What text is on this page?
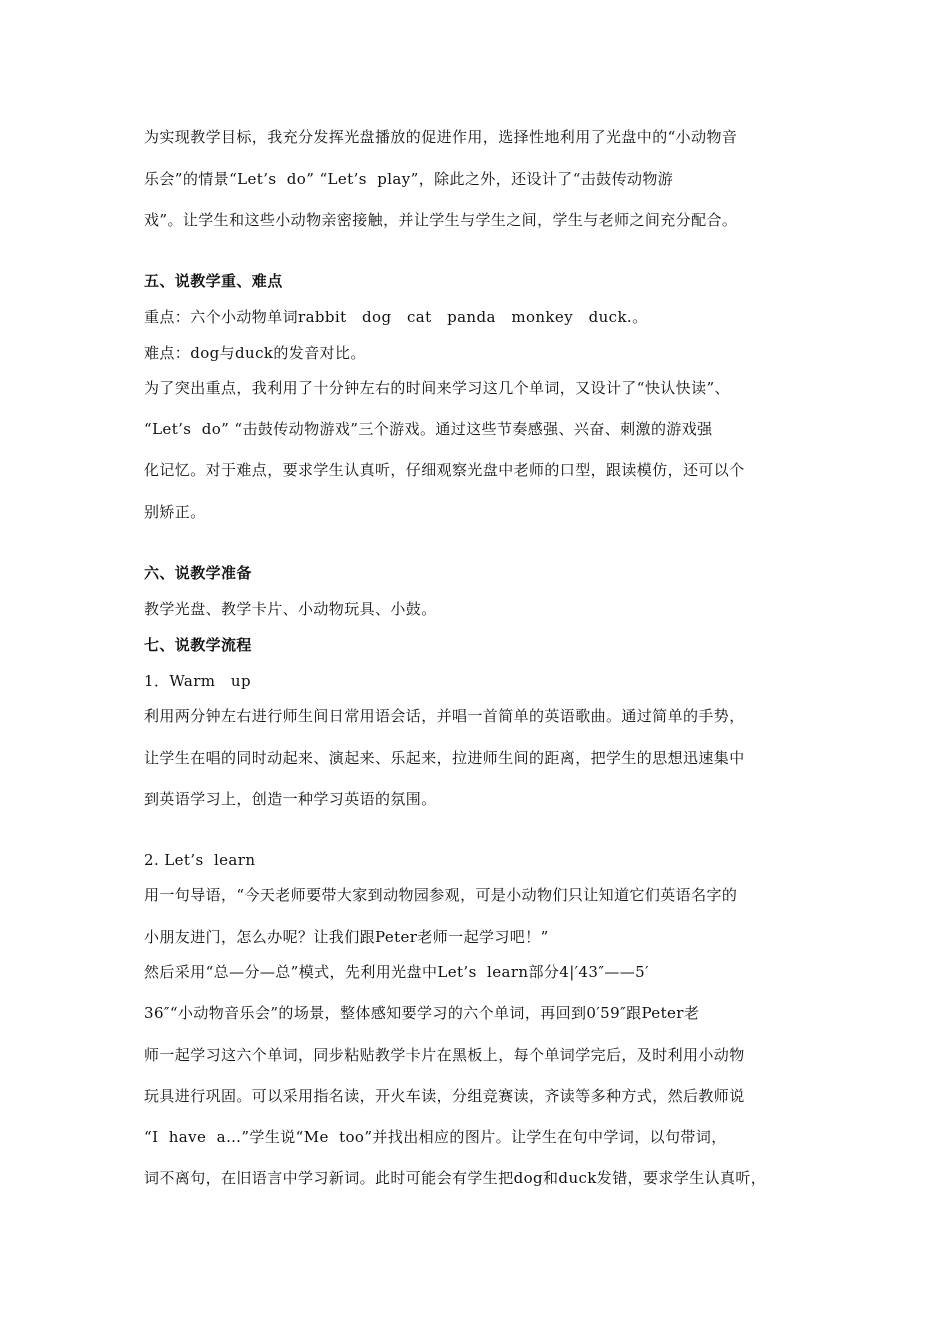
为实现教学目标，我充分发挥光盘播放的促进作用，选择性地利用了光盘中的“小动物音
乐会”的情景“Let’s  do” “Let’s  play”，除此之外，还设计了“击鼓传动物游
戏”。让学生和这些小动物亲密接触，并让学生与学生之间，学生与老师之间充分配合。
五、说教学重、难点
重点：六个小动物单词rabbit   dog   cat   panda   monkey   duck.。
难点：dog与duck的发音对比。
为了突出重点，我利用了十分钟左右的时间来学习这几个单词，又设计了“快认快读”、
“Let’s  do” “击鼓传动物游戏”三个游戏。通过这些节奏感强、兴奋、刺激的游戏强
化记忆。对于难点，要求学生认真听，仔细观察光盘中老师的口型，跟读模仿，还可以个
别矫正。
六、说教学准备
教学光盘、教学卡片、小动物玩具、小鼓。
七、说教学流程
1．Warm   up
利用两分钟左右进行师生间日常用语会话，并唱一首简单的英语歌曲。通过简单的手势，
让学生在唱的同时动起来、演起来、乐起来，拉进师生间的距离，把学生的思想迅速集中
到英语学习上，创造一种学习英语的氛围。
2. Let’s  learn
用一句导语，“今天老师要带大家到动物园参观，可是小动物们只让知道它们英语名字的
小朋友进门，怎么办呢？让我们跟Peter老师一起学习吧！”
然后采用“总—分—总”模式，先利用光盘中Let’s  learn部分4|′43″——5′
36″“小动物音乐会”的场景，整体感知要学习的六个单词，再回到0′59″跟Peter老
师一起学习这六个单词，同步粘贴教学卡片在黑板上，每个单词学完后，及时利用小动物
玩具进行巩固。可以采用指名读，开火车读，分组竞赛读，齐读等多种方式，然后教师说
“I  have  a…”学生说“Me  too”并找出相应的图片。让学生在句中学词，以句带词，
词不离句，在旧语言中学习新词。此时可能会有学生把dog和duck发错，要求学生认真听，
